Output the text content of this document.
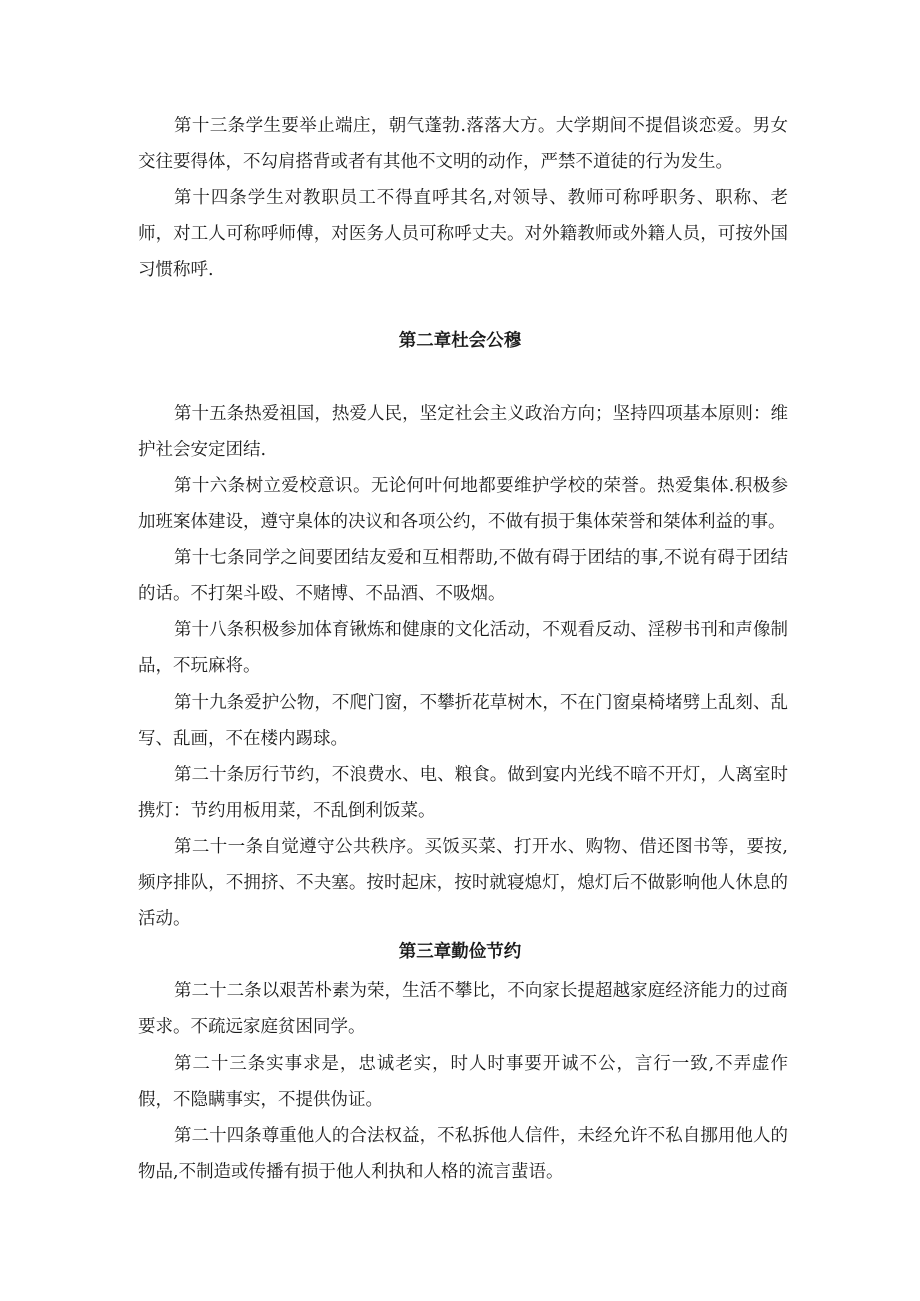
第十三条学生要举止端庄，朝气蓬勃.落落大方。大学期间不提倡谈恋爱。男女交往要得体，不勾肩搭背或者有其他不文明的动作，严禁不道徒的行为发生。

第十四条学生对教职员工不得直呼其名,对领导、教师可称呼职务、职称、老师，对工人可称呼师傅，对医务人员可称呼丈夫。对外籍教师或外籍人员，可按外国习惯称呼.

第二章杜会公穆

第十五条热爱祖国，热爱人民，坚定社会主义政治方向；坚持四项基本原则：维护社会安定团结.

第十六条树立爱校意识。无论何叶何地都要维护学校的荣誉。热爱集体.积极参加班案体建设，遵守臬体的决议和各项公约，不做有损于集体荣誉和桀体利益的事。

第十七条同学之间要团结友爱和互相帮助,不做有碍于团结的事,不说有碍于团结的话。不打架斗殴、不赌博、不品酒、不吸烟。

第十八条积极参加体育锹炼和健康的文化活动，不观看反动、淫秽书刊和声像制品，不玩麻将。

第十九条爱护公物，不爬门窗，不攀折花草树木，不在门窗桌椅堵劈上乱刻、乱写、乱画，不在楼内踢球。

第二十条厉行节约，不浪费水、电、粮食。做到宴内光线不暗不开灯，人离室时携灯：节约用板用菜，不乱倒利饭菜。

第二十一条自觉遵守公共秩序。买饭买菜、打开水、购物、借还图书等，要按,频序排队，不拥挤、不夬塞。按时起床，按时就寝熄灯，熄灯后不做影响他人休息的活动。

第三章勤俭节约

第二十二条以艰苦朴素为荣，生活不攀比，不向家长提超越家庭经济能力的过商要求。不疏远家庭贫困同学。

第二十三条实事求是，忠诚老实，时人时事要开诚不公，言行一致,不弄虚作假，不隐瞒事实，不提供伪证。

第二十四条尊重他人的合法权益，不私拆他人信件，未经允许不私自挪用他人的物品,不制造或传播有损于他人利执和人格的流言蜚语。
